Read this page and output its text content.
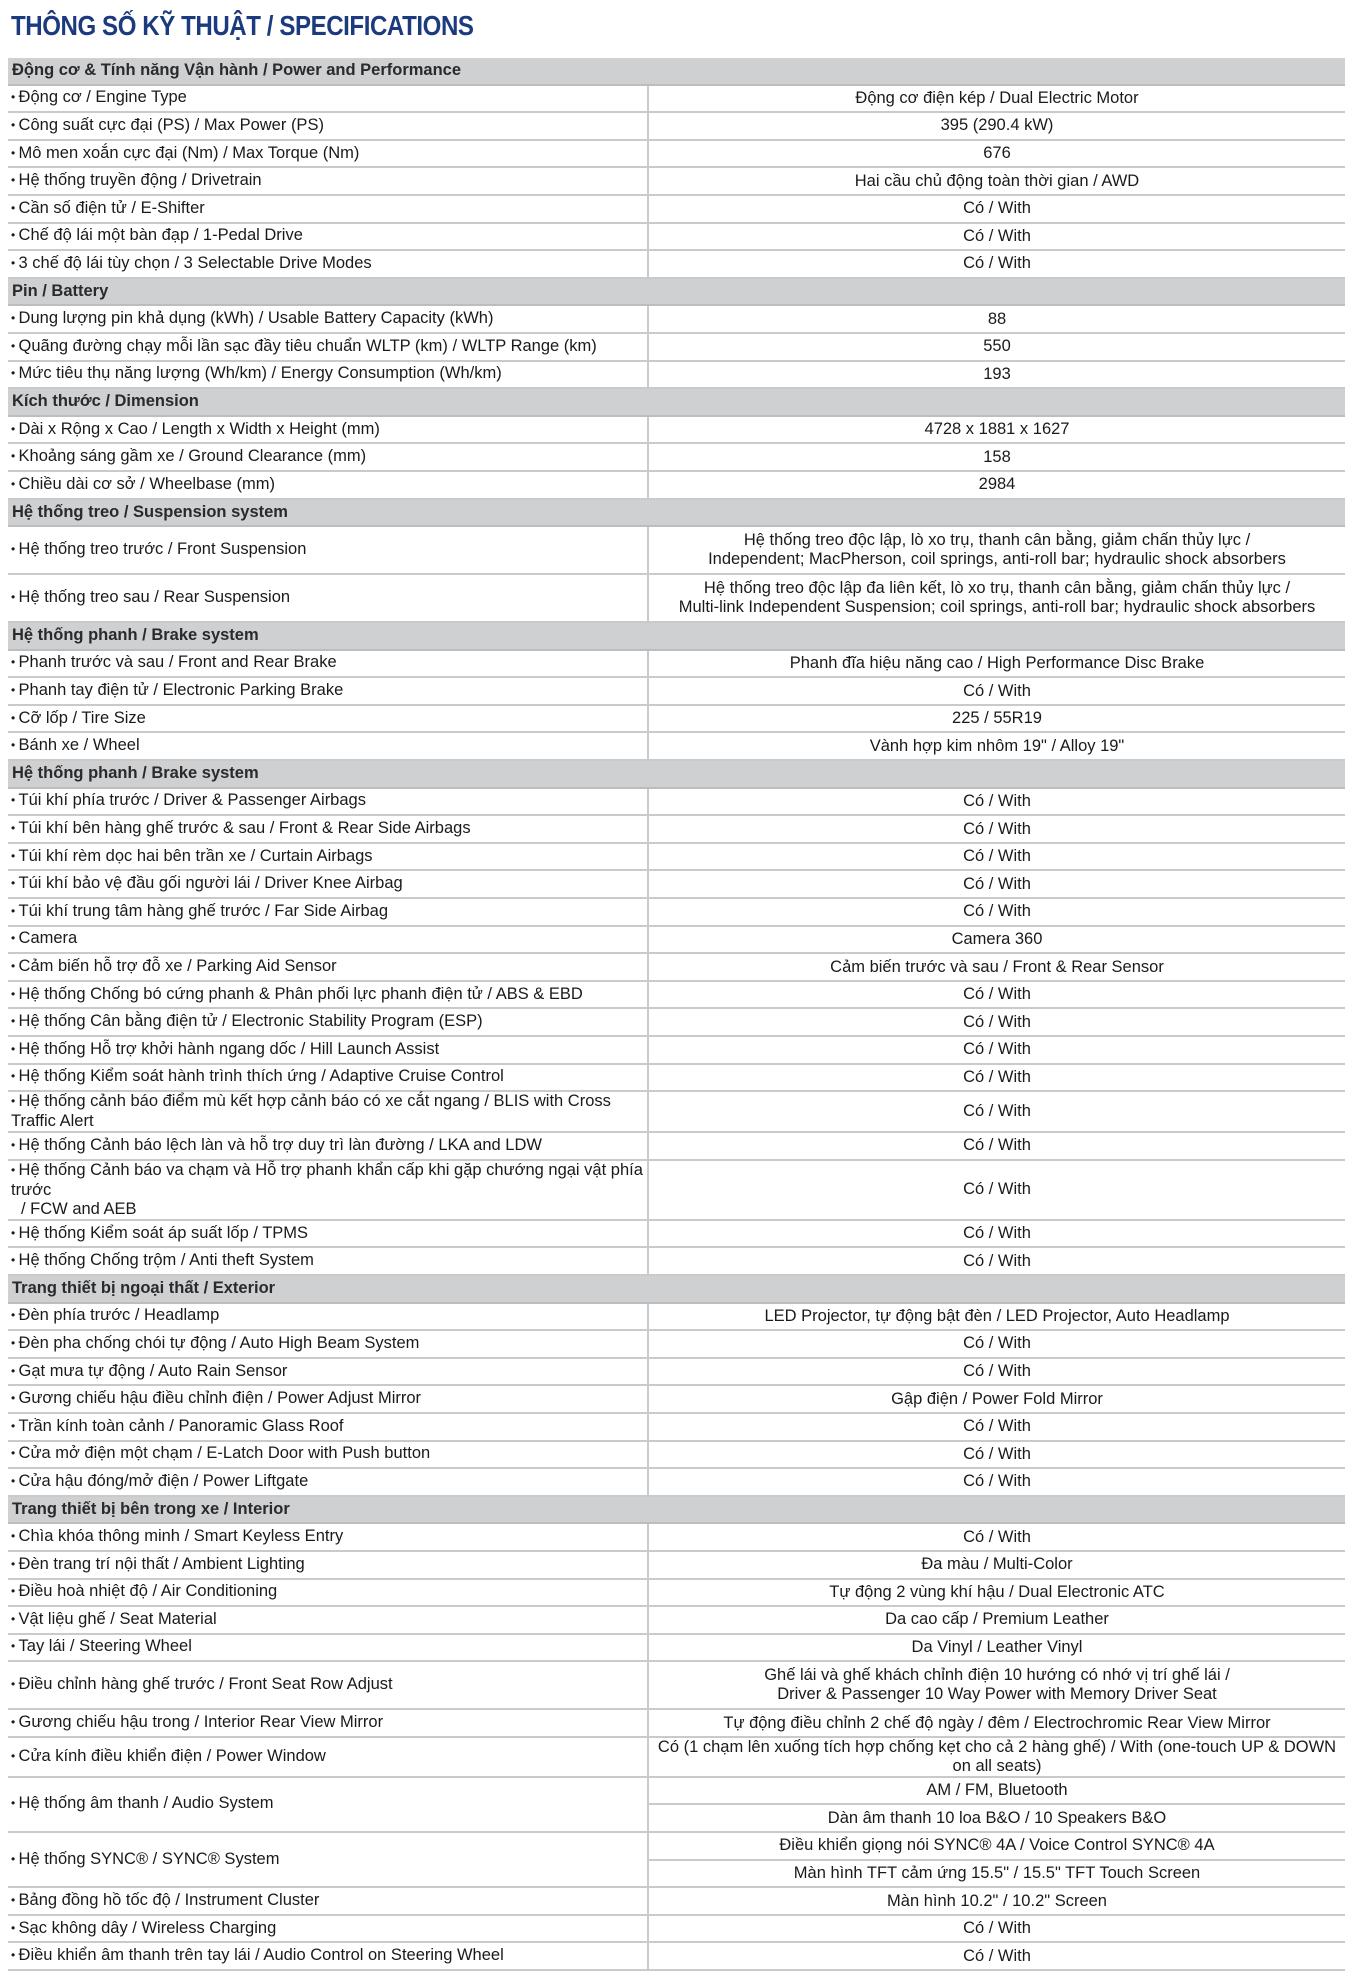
THÔNG SỐ KỸ THUẬT / SPECIFICATIONS
Động cơ & Tính năng Vận hành / Power and Performance	
• Động cơ / Engine Type	Động cơ điện kép / Dual Electric Motor

• Công suất cực đại (PS) / Max Power (PS)	395 (290.4 kW)

• Mô men xoắn cực đại (Nm) / Max Torque (Nm)	676

• Hệ thống truyền động / Drivetrain	Hai cầu chủ động toàn thời gian / AWD

• Cần số điện tử / E-Shifter	Có / With

• Chế độ lái một bàn đạp / 1-Pedal Drive	Có / With

• 3 chế độ lái tùy chọn / 3 Selectable Drive Modes	Có / With

Pin / Battery	
• Dung lượng pin khả dụng (kWh) / Usable Battery Capacity (kWh)	88

• Quãng đường chạy mỗi lần sạc đầy tiêu chuẩn WLTP (km) / WLTP Range (km)	550

• Mức tiêu thụ năng lượng (Wh/km) / Energy Consumption (Wh/km)	193

Kích thước / Dimension	
• Dài x Rộng x Cao / Length x Width x Height (mm)	4728 x 1881 x 1627

• Khoảng sáng gầm xe / Ground Clearance (mm)	158

• Chiều dài cơ sở / Wheelbase (mm)	2984

Hệ thống treo / Suspension system	
• Hệ thống treo trước / Front Suspension	Hệ thống treo độc lập, lò xo trụ, thanh cân bằng, giảm chấn thủy lực /
Independent; MacPherson, coil springs, anti-roll bar; hydraulic shock absorbers

• Hệ thống treo sau / Rear Suspension	Hệ thống treo độc lập đa liên kết, lò xo trụ, thanh cân bằng, giảm chấn thủy lực /
Multi-link Independent Suspension; coil springs, anti-roll bar; hydraulic shock absorbers

Hệ thống phanh / Brake system	
• Phanh trước và sau / Front and Rear Brake	Phanh đĩa hiệu năng cao / High Performance Disc Brake

• Phanh tay điện tử / Electronic Parking Brake	Có / With

• Cỡ lốp / Tire Size	225 / 55R19

• Bánh xe / Wheel	Vành hợp kim nhôm 19" / Alloy 19"

Hệ thống phanh / Brake system	
• Túi khí phía trước / Driver & Passenger Airbags	Có / With

• Túi khí bên hàng ghế trước & sau / Front & Rear Side Airbags	Có / With

• Túi khí rèm dọc hai bên trần xe / Curtain Airbags	Có / With

• Túi khí bảo vệ đầu gối người lái / Driver Knee Airbag	Có / With

• Túi khí trung tâm hàng ghế trước / Far Side Airbag	Có / With

• Camera	Camera 360

• Cảm biến hỗ trợ đỗ xe / Parking Aid Sensor	Cảm biến trước và sau / Front & Rear Sensor

• Hệ thống Chống bó cứng phanh & Phân phối lực phanh điện tử / ABS & EBD	Có / With

• Hệ thống Cân bằng điện tử / Electronic Stability Program (ESP)	Có / With

• Hệ thống Hỗ trợ khởi hành ngang dốc / Hill Launch Assist	Có / With

• Hệ thống Kiểm soát hành trình thích ứng / Adaptive Cruise Control	Có / With

• Hệ thống cảnh báo điểm mù kết hợp cảnh báo có xe cắt ngang / BLIS with Cross Traffic Alert	Có / With

• Hệ thống Cảnh báo lệch làn và hỗ trợ duy trì làn đường / LKA and LDW	Có / With

• Hệ thống Cảnh báo va chạm và Hỗ trợ phanh khẩn cấp khi gặp chướng ngại vật phía trước
/ FCW and AEB	Có / With

• Hệ thống Kiểm soát áp suất lốp / TPMS	Có / With

• Hệ thống Chống trộm / Anti theft System	Có / With

Trang thiết bị ngoại thất / Exterior	
• Đèn phía trước / Headlamp	LED Projector, tự động bật đèn / LED Projector, Auto Headlamp

• Đèn pha chống chói tự động / Auto High Beam System	Có / With

• Gạt mưa tự động / Auto Rain Sensor	Có / With

• Gương chiếu hậu điều chỉnh điện / Power Adjust Mirror	Gập điện / Power Fold Mirror

• Trần kính toàn cảnh / Panoramic Glass Roof	Có / With

• Cửa mở điện một chạm / E-Latch Door with Push button	Có / With

• Cửa hậu đóng/mở điện / Power Liftgate	Có / With

Trang thiết bị bên trong xe / Interior	
• Chìa khóa thông minh / Smart Keyless Entry	Có / With

• Đèn trang trí nội thất / Ambient Lighting	Đa màu / Multi-Color

• Điều hoà nhiệt độ / Air Conditioning	Tự động 2 vùng khí hậu / Dual Electronic ATC

• Vật liệu ghế / Seat Material	Da cao cấp / Premium Leather

• Tay lái / Steering Wheel	Da Vinyl / Leather Vinyl

• Điều chỉnh hàng ghế trước / Front Seat Row Adjust	Ghế lái và ghế khách chỉnh điện 10 hướng có nhớ vị trí ghế lái /
Driver & Passenger 10 Way Power with Memory Driver Seat

• Gương chiếu hậu trong / Interior Rear View Mirror	Tự động điều chỉnh 2 chế độ ngày / đêm / Electrochromic Rear View Mirror

• Cửa kính điều khiển điện / Power Window	Có (1 chạm lên xuống tích hợp chống kẹt cho cả 2 hàng ghế) / With (one-touch UP & DOWN on all seats)

• Hệ thống âm thanh / Audio System	AM / FM, Bluetooth
	Dàn âm thanh 10 loa B&O / 10 Speakers B&O
• Hệ thống SYNC® / SYNC® System	Điều khiển giọng nói SYNC® 4A / Voice Control SYNC® 4A
	Màn hình TFT cảm ứng 15.5" / 15.5" TFT Touch Screen
• Bảng đồng hồ tốc độ / Instrument Cluster	Màn hình 10.2" / 10.2" Screen

• Sạc không dây / Wireless Charging	Có / With

• Điều khiển âm thanh trên tay lái / Audio Control on Steering Wheel	Có / With
